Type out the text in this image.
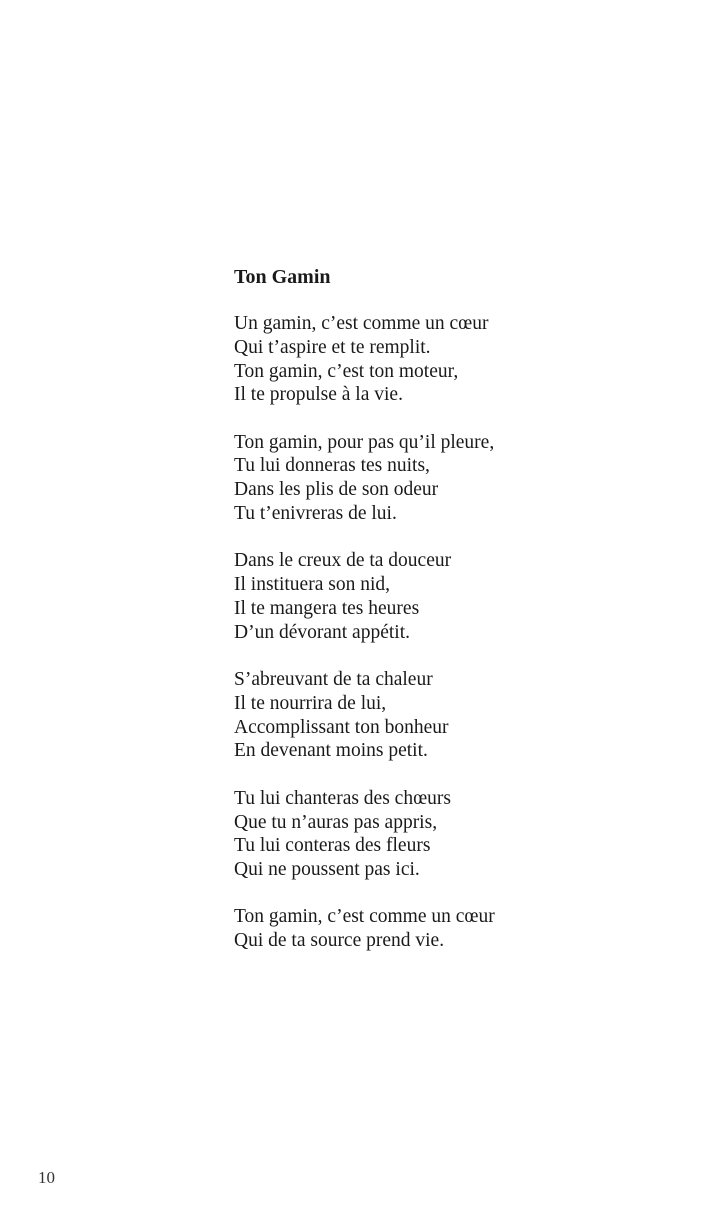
Ton Gamin
Un gamin, c’est comme un cœur
Qui t’aspire et te remplit.
Ton gamin, c’est ton moteur,
Il te propulse à la vie.
Ton gamin, pour pas qu’il pleure,
Tu lui donneras tes nuits,
Dans les plis de son odeur
Tu t’enivreras de lui.
Dans le creux de ta douceur
Il instituera son nid,
Il te mangera tes heures
D’un dévorant appétit.
S’abreuvant de ta chaleur
Il te nourrira de lui,
Accomplissant ton bonheur
En devenant moins petit.
Tu lui chanteras des chœurs
Que tu n’auras pas appris,
Tu lui conteras des fleurs
Qui ne poussent pas ici.
Ton gamin, c’est comme un cœur
Qui de ta source prend vie.
10
